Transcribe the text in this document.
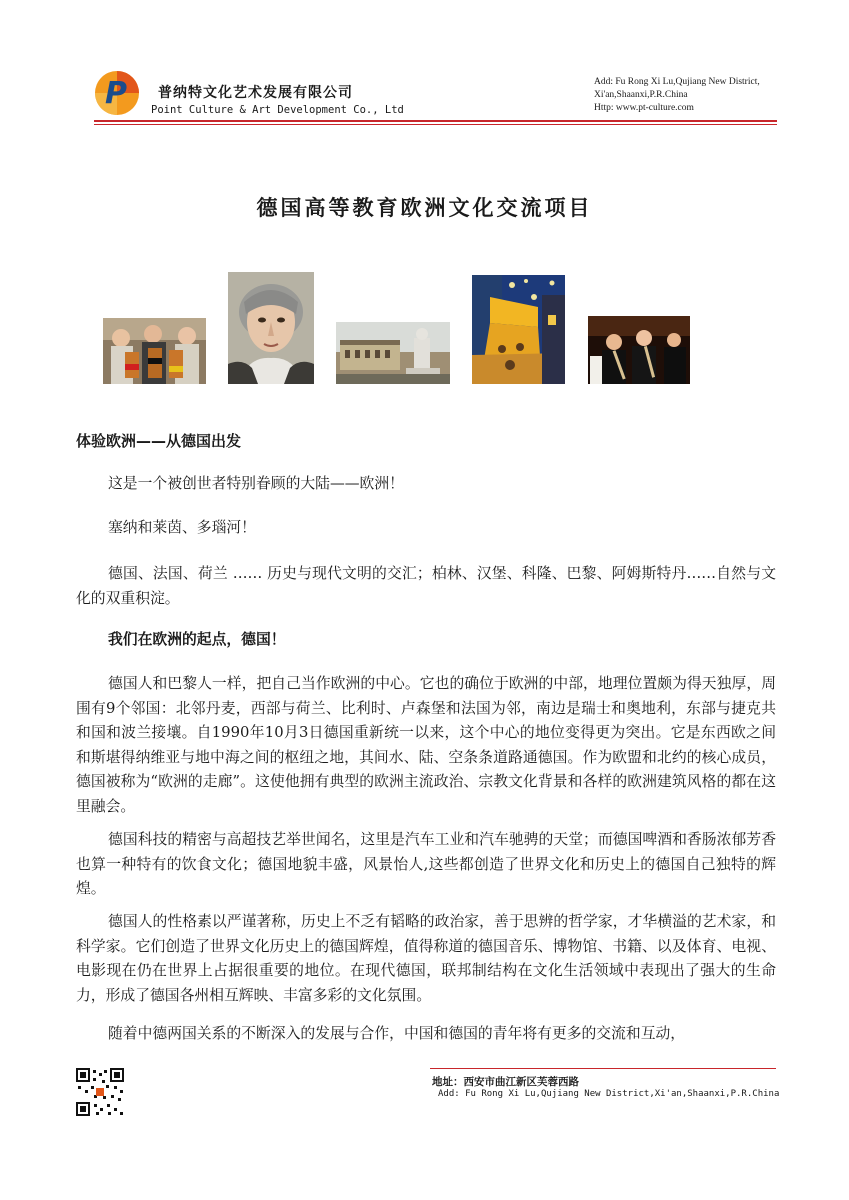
P 普纳特文化艺术发展有限公司
Point Culture & Art Development Co., Ltd
Add: Fu Rong Xi Lu,Qujiang New District,
Xi'an,Shaanxi,P.R.China
Http: www.pt-culture.com
德国高等教育欧洲文化交流项目
体验欧洲——从德国出发

这是一个被创世者特别眷顾的大陆——欧洲！

塞纳和莱茵、多瑙河！

德国、法国、荷兰 …… 历史与现代文明的交汇；柏林、汉堡、科隆、巴黎、阿姆斯特丹……自然与文化的双重积淀。

我们在欧洲的起点，德国！

德国人和巴黎人一样，把自己当作欧洲的中心。它也的确位于欧洲的中部，地理位置颇为得天独厚，周围有9个邻国：北邻丹麦，西部与荷兰、比利时、卢森堡和法国为邻，南边是瑞士和奥地利，东部与捷克共和国和波兰接壤。自1990年10月3日德国重新统一以来，这个中心的地位变得更为突出。它是东西欧之间和斯堪得纳维亚与地中海之间的枢纽之地，其间水、陆、空条条道路通德国。作为欧盟和北约的核心成员，德国被称为“欧洲的走廊”。这使他拥有典型的欧洲主流政治、宗教文化背景和各样的欧洲建筑风格的都在这里融会。

德国科技的精密与高超技艺举世闻名，这里是汽车工业和汽车驰骋的天堂；而德国啤酒和香肠浓郁芳香也算一种特有的饮食文化；德国地貌丰盛，风景怡人,这些都创造了世界文化和历史上的德国自己独特的辉煌。

德国人的性格素以严谨著称，历史上不乏有韬略的政治家，善于思辨的哲学家，才华横溢的艺术家，和科学家。它们创造了世界文化历史上的德国辉煌，值得称道的德国音乐、博物馆、书籍、以及体育、电视、电影现在仍在世界上占据很重要的地位。在现代德国，联邦制结构在文化生活领域中表现出了强大的生命力，形成了德国各州相互辉映、丰富多彩的文化氛围。

随着中德两国关系的不断深入的发展与合作，中国和德国的青年将有更多的交流和互动，

地址：西安市曲江新区芙蓉西路
Add: Fu Rong Xi Lu,Qujiang New District,Xi'an,Shaanxi,P.R.China
